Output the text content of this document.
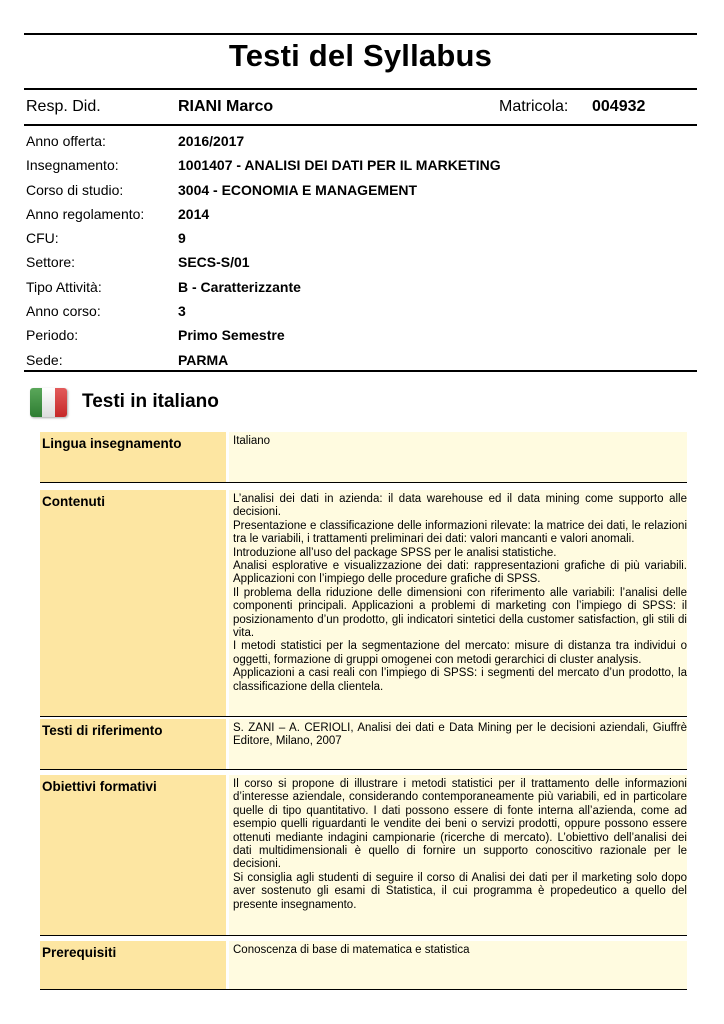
Testi del Syllabus
Resp. Did.	RIANI Marco	Matricola: 004932
Anno offerta:	2016/2017
Insegnamento:	1001407 - ANALISI DEI DATI PER IL MARKETING
Corso di studio:	3004 - ECONOMIA E MANAGEMENT
Anno regolamento: 2014
CFU:	9
Settore:	SECS-S/01
Tipo Attività:	B - Caratterizzante
Anno corso:	3
Periodo:	Primo Semestre
Sede:	PARMA
Testi in italiano
Lingua insegnamento	Italiano

Contenuti	L’analisi dei dati in azienda: il data warehouse ed il data mining come supporto alle decisioni.

Presentazione e classificazione delle informazioni rilevate: la matrice dei dati, le relazioni tra le variabili, i trattamenti preliminari dei dati: valori mancanti e valori anomali.

Introduzione all’uso del package SPSS per le analisi statistiche.

Analisi esplorative e visualizzazione dei dati: rappresentazioni grafiche di più variabili. Applicazioni con l’impiego delle procedure grafiche di SPSS.

Il problema della riduzione delle dimensioni con riferimento alle variabili: l’analisi delle componenti principali. Applicazioni a problemi di marketing con l’impiego di SPSS: il posizionamento d’un prodotto, gli indicatori sintetici della customer satisfaction, gli stili di vita.

I metodi statistici per la segmentazione del mercato: misure di distanza tra individui o oggetti, formazione di gruppi omogenei con metodi gerarchici di cluster analysis.

Applicazioni a casi reali con l’impiego di SPSS: i segmenti del mercato d’un prodotto, la classificazione della clientela.

Testi di riferimento	S. ZANI – A. CERIOLI, Analisi dei dati e Data Mining per le decisioni aziendali, Giuffrè Editore, Milano, 2007

Obiettivi formativi	Il corso si propone di illustrare i metodi statistici per il trattamento delle informazioni d’interesse aziendale, considerando contemporaneamente più variabili, ed in particolare quelle di tipo quantitativo. I dati possono essere di fonte interna all’azienda, come ad esempio quelli riguardanti le vendite dei beni o servizi prodotti, oppure possono essere ottenuti mediante indagini campionarie (ricerche di mercato). L’obiettivo dell’analisi dei dati multidimensionali è quello di fornire un supporto conoscitivo razionale per le decisioni.

Si consiglia agli studenti di seguire il corso di Analisi dei dati per il marketing solo dopo aver sostenuto gli esami di Statistica, il cui programma è propedeutico a quello del presente insegnamento.

Prerequisiti	Conoscenza di base di matematica e statistica
